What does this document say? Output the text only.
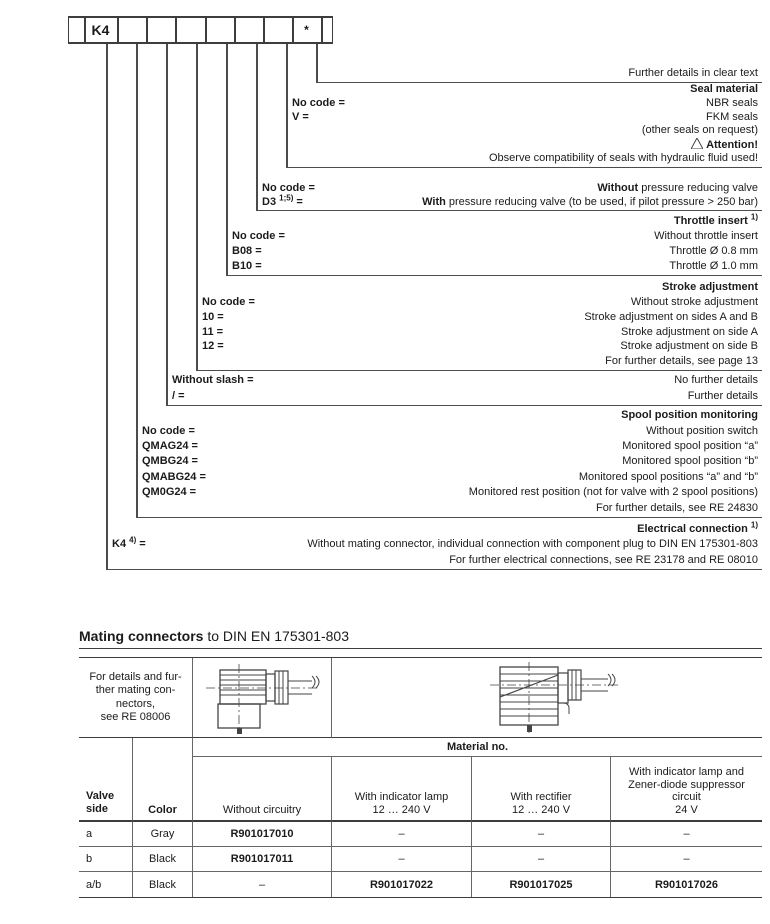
K4	*
Further details in clear text
Seal material
No code =	NBR seals
V =	FKM seals
(other seals on request)
Attention!
Observe compatibility of seals with hydraulic fluid used!
No code =	Without pressure reducing valve
D3 $^{1;5)}$ =	With pressure reducing valve (to be used, if pilot pressure > 250 bar)
Throttle insert $^{1)}$
No code =	Without throttle insert
B08 =	Throttle Ø 0.8 mm
B10 =	Throttle Ø 1.0 mm
Stroke adjustment
No code =	Without stroke adjustment
10 =	Stroke adjustment on sides A and B
11 =	Stroke adjustment on side A
12 =	Stroke adjustment on side B
For further details, see page 13
Without slash =	No further details
/ =	Further details
Spool position monitoring
No code =	Without position switch
QMAG24 =	Monitored spool position “a”
QMBG24 =	Monitored spool position “b”
QMABG24 =	Monitored spool positions “a” and “b”
QM0G24 =	Monitored rest position (not for valve with 2 spool positions)
For further details, see RE 24830
Electrical connection $^{1)}$
K4 $^{4)}$ =	Without mating connector, individual connection with component plug to DIN EN 175301-803
For further electrical connections, see RE 23178 and RE 08010
Mating connectors to DIN EN 175301-803
For details and fur-
ther mating con-
nectors,
see RE 08006
Valve
side	Color
Material no.
Without circuitry
With indicator lamp
12 … 240 V
With rectifier
12 … 240 V
With indicator lamp and
Zener-diode suppressor
circuit
24 V
a	Gray	R901017010	–	–	–
b	Black	R901017011	–	–	–
a/b	Black	–	R901017022	R901017025	R901017026
